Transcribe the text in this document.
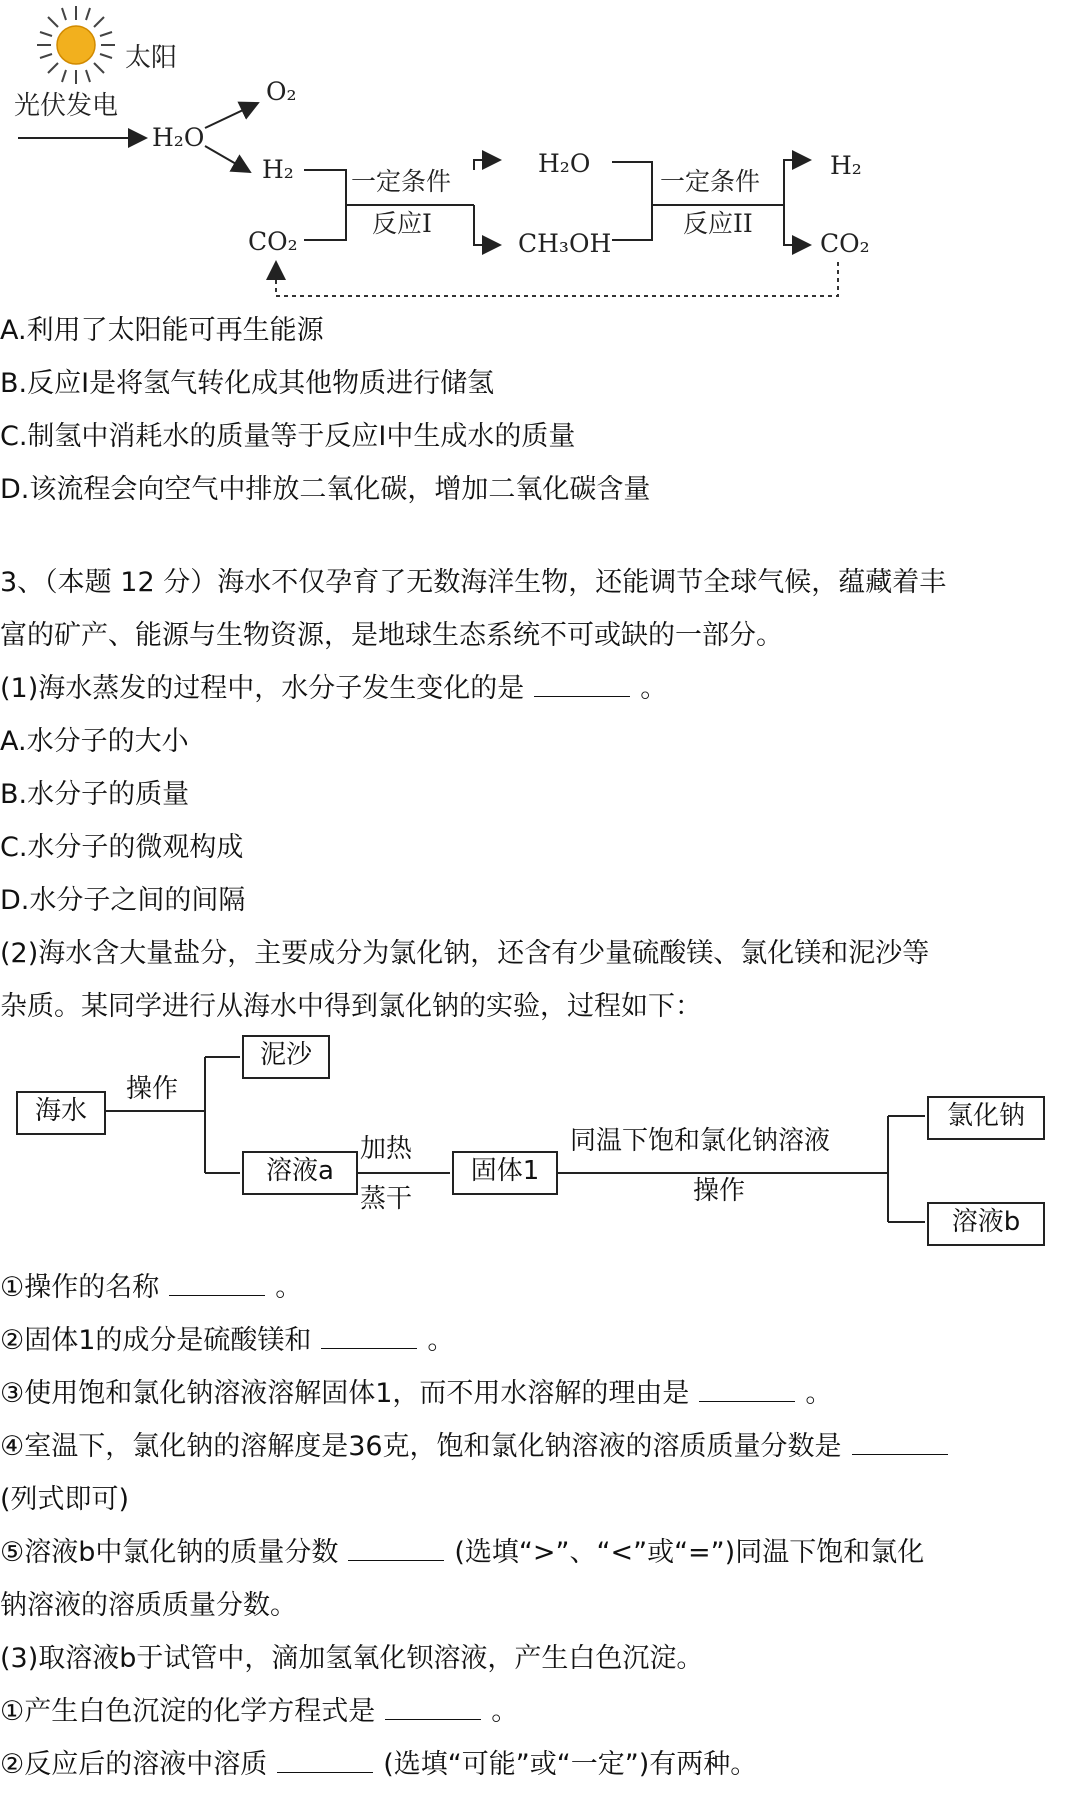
太阳
光伏发电
H₂O
O₂
H₂
CO₂
一定条件
反应I
H₂O
CH₃OH
一定条件
反应II
H₂
CO₂
A.利用了太阳能可再生能源
B.反应Ⅰ是将氢气转化成其他物质进行储氢
C.制氢中消耗水的质量等于反应Ⅰ中生成水的质量
D.该流程会向空气中排放二氧化碳，增加二氧化碳含量
3、（本题 12 分）海水不仅孕育了无数海洋生物，还能调节全球气候，蕴藏着丰
富的矿产、能源与生物资源，是地球生态系统不可或缺的一部分。
(1)海水蒸发的过程中，水分子发生变化的是	。
A.水分子的大小
B.水分子的质量
C.水分子的微观构成
D.水分子之间的间隔
(2)海水含大量盐分，主要成分为氯化钠，还含有少量硫酸镁、氯化镁和泥沙等
杂质。某同学进行从海水中得到氯化钠的实验，过程如下：
海水
操作
泥沙
溶液a
加热
蒸干
固体1
同温下饱和氯化钠溶液
操作
氯化钠
溶液b
①操作的名称	。
②固体1的成分是硫酸镁和	。
③使用饱和氯化钠溶液溶解固体1，而不用水溶解的理由是	。
④室温下，氯化钠的溶解度是36克，饱和氯化钠溶液的溶质质量分数是
(列式即可)
⑤溶液b中氯化钠的质量分数	(选填“>”、“<”或“=”)同温下饱和氯化
钠溶液的溶质质量分数。
(3)取溶液b于试管中，滴加氢氧化钡溶液，产生白色沉淀。
①产生白色沉淀的化学方程式是	。
②反应后的溶液中溶质	(选填“可能”或“一定”)有两种。
